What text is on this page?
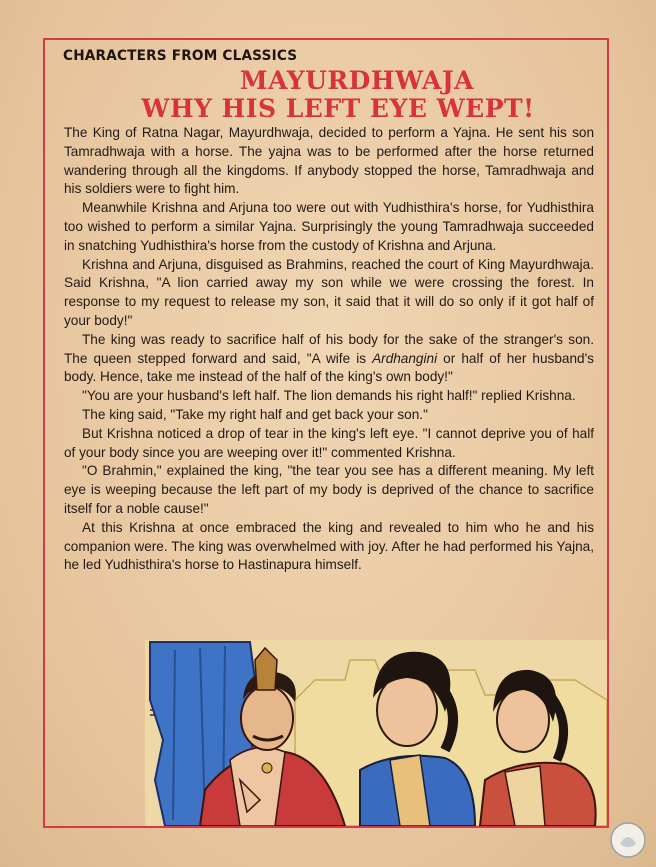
CHARACTERS FROM CLASSICS
MAYURDHWAJA
WHY HIS LEFT EYE WEPT!

The King of Ratna Nagar, Mayurdhwaja, decided to perform a Yajna. He sent his son Tamradhwaja with a horse. The yajna was to be performed after the horse returned wandering through all the kingdoms. If anybody stopped the horse, Tamradhwaja and his soldiers were to fight him.

Meanwhile Krishna and Arjuna too were out with Yudhisthira's horse, for Yudhisthira too wished to perform a similar Yajna. Surprisingly the young Tamradhwaja succeeded in snatching Yudhisthira's horse from the custody of Krishna and Arjuna.

Krishna and Arjuna, disguised as Brahmins, reached the court of King Mayurdhwaja. Said Krishna, "A lion carried away my son while we were crossing the forest. In response to my request to release my son, it said that it will do so only if it got half of your body!"

The king was ready to sacrifice half of his body for the sake of the stranger's son. The queen stepped forward and said, "A wife is Ardhangini or half of her husband's body. Hence, take me instead of the half of the king's own body!"

"You are your husband's left half. The lion demands his right half!" replied Krishna.

The king said, "Take my right half and get back your son."

But Krishna noticed a drop of tear in the king's left eye. "I cannot deprive you of half of your body since you are weeping over it!" commented Krishna.

"O Brahmin," explained the king, "the tear you see has a different meaning. My left eye is weeping because the left part of my body is deprived of the chance to sacrifice itself for a noble cause!"

At this Krishna at once embraced the king and revealed to him who he and his companion were. The king was overwhelmed with joy. After he had performed his Yajna, he led Yudhisthira's horse to Hastinapura himself.
